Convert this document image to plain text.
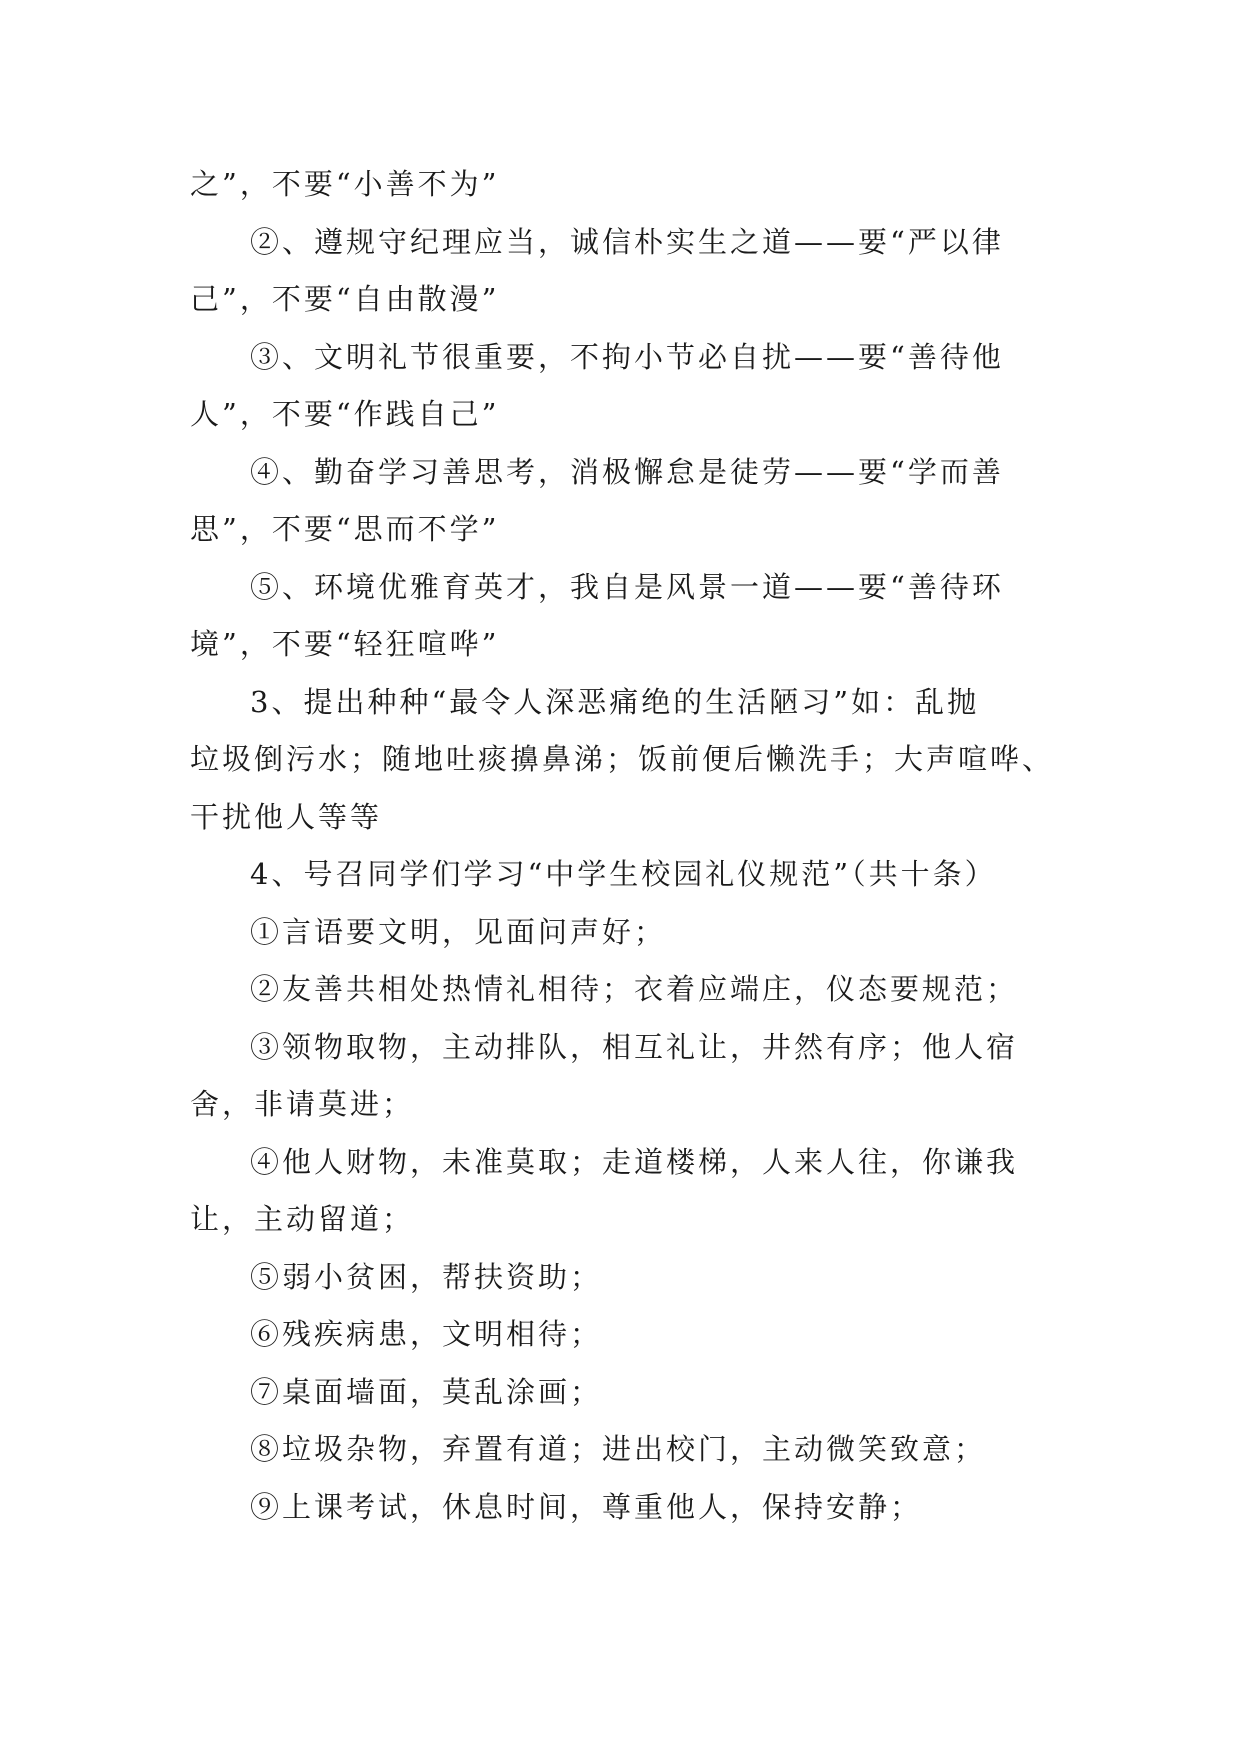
之”，不要“小善不为”
②、遵规守纪理应当，诚信朴实生之道——要“严以律
己”，不要“自由散漫”
③、文明礼节很重要，不拘小节必自扰——要“善待他
人”，不要“作践自己”
④、勤奋学习善思考，消极懈怠是徒劳——要“学而善
思”，不要“思而不学”
⑤、环境优雅育英才，我自是风景一道——要“善待环
境”，不要“轻狂喧哗”
3、提出种种“最令人深恶痛绝的生活陋习”如：乱抛
垃圾倒污水；随地吐痰擤鼻涕；饭前便后懒洗手；大声喧哗、
干扰他人等等
4、号召同学们学习“中学生校园礼仪规范”（共十条）
①言语要文明，见面问声好；
②友善共相处热情礼相待；衣着应端庄，仪态要规范；
③领物取物，主动排队，相互礼让，井然有序；他人宿
舍，非请莫进；
④他人财物，未准莫取；走道楼梯，人来人往，你谦我
让，主动留道；
⑤弱小贫困，帮扶资助；
⑥残疾病患，文明相待；
⑦桌面墙面，莫乱涂画；
⑧垃圾杂物，弃置有道；进出校门，主动微笑致意；
⑨上课考试，休息时间，尊重他人，保持安静；
